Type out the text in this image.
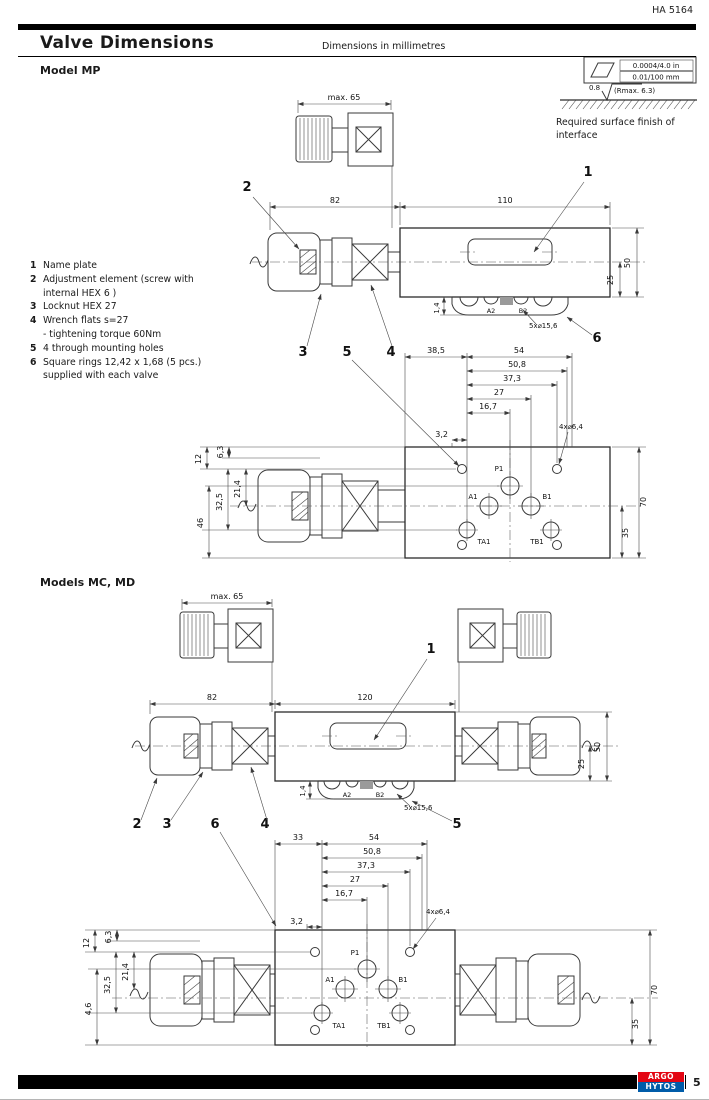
0.0004/4.0 in
0.01/100 mm
0.8 (Rmax. 6.3)
max. 65
82	110
25
50
A2	B2
1,4
5x⌀15,6
P1
A1	B1
TA1	TB1
38,5	54
50,8
37,3
27
16,7
3,2
4x⌀6,4
12
6,3
21,4
32,5
46
70
35
1
2
3	5	4
6
max. 65
82	120
25
50
A2	B2
1,4
5x⌀15,6
P1
A1	B1
TA1	TB1
33	54
50,8
37,3
27
16,7
3,2
4x⌀6,4
12 6,3
21,4
32,5
4,6
70
35
1
2 3	6	4	5
HA 5164
Valve Dimensions	Dimensions in millimetres
Model MP
Models MC, MD
Required surface finish of
interface
1 Name plate
2 Adjustment element (screw with
internal HEX 6 )
3 Locknut HEX 27
4 Wrench flats s=27
- tightening torque 60Nm
5 4 through mounting holes
6 Square rings 12,42 x 1,68 (5 pcs.)
supplied with each valve
ARGO
HYTOS	5
